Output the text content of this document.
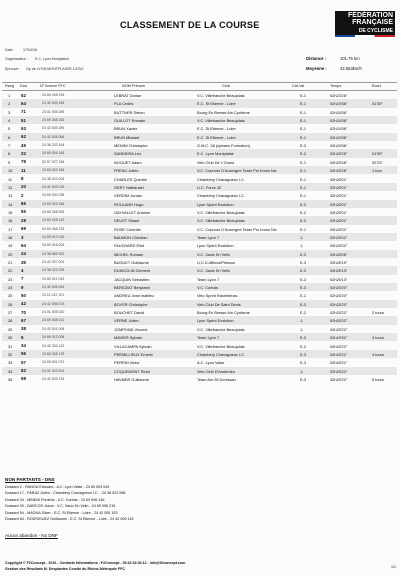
CLASSEMENT DE LA COURSE
FÉDÉRATION
FRANÇAISE
DE CYCLISME
Date : 17/04/16
Organisateur : E.C. Lyon Montplaisir
Epreuve : Gp de LYON MONTPLAISIR 1/2/3/J
Distance :	101.75 km
Moyenne :	42.563km/h
Rang Dos.	N° licence FFC	NOM Prénom	Club	Cat.Val	Temps	Ecart
1 52	24 69 248 159	LEBRAT Dorian	V.C. Villefranche Beaujolais	E-1	02h23'26"
2 64	24 42 005 183	PLA Cedric	E.C. St Etienne - Loire	E-1	02h24'56"	01'30"
3 71	23 01 005 289	BUTTNER Simon	Bourg En Bresse Ain Cyclisme	E-1	02h24'56"
4 51	24 69 248 152	GUILLOT Romain	V.C. Villefranche Beaujolais	E-1	02h24'56"
5 63	24 42 005 289	BRUN Xavier	E.C. St Etienne - Loire	E-1	02h24'56"
6 62	24 42 005 064	BRUN Mickael	E.C. St Etienne - Loire	E-1	02h24'56"
7 49	24 38 233 164	MENINI Christophe	G.M.C. 38 (sylvans Formation)	E-3	02h24'56"
8 22	24 69 004 145	SANDEIRA Leo	E.C. Lyon Montplaisir	E-2	02h25'25"	01'59"
9 78	32 57 027 154	NOGUET Adam	Velo Club De L'Ouest	E-1	02h25'48"	02'23"
10 11	24 63 003 184	FREAU Julien	V.C. Cournon D'Auvergne Team Pro Immo Nic	E-1	02h25'26"	1 tour
11 8	24 38 022 004	CHARLES Quentin	Chambery Chavagneux I.C.	E-1	02h25'01"
12 20	24 42 003 015	GERY Nathanael	U.C. Forez 42	E-1	02h25'01"
13 2	24 69 030 035	VERDIM Jordan	Chambery Chavagneux I.C.	E-1	02h25'01"
14 65	24 69 023 166	ROULAND Hugo	Lyon Sprint Evolution	E-2	02h25'01"
15 55	24 69 248 063	GAYVALLET Antoine	V.C. Villefranche Beaujolais	E-2	02h25'01"
16 28	24 69 248 142	DEUST Shane	V.C. Villefranche Beaujolais	E-2	02h25'01"
17 69	04 63 046 133	ROSE Corentin	V.C. Cournon D'Auvergne Team Pro Immo Nic	E-1	02h25'01"
18 3	24 69 012 015	BAUMON Christian	Team Lyon 7	J-	02h25'02"
19 64	24 69 016 003	FAUCHARD Eliot	Lyon Sprint Evolution	J-	02h25'02"
20 24	24 38 069 322	MICHEL Romain	V.C. Vaulx En Velin	E-3	02h25'05"
21 35	24 42 257 001	BUGUET Guillaume	U.C.D Affinos/Peisson	E-3	02h25'19"
22 4	24 38 022 025	DUNGOLIN Clement	V.C. Vaulx En Velin	E-3	02h25'13"
23 7	24 69 012 043	JACQUIN Sebastien	Team Lyon 7	E-3	02h25'13"
24 9	24 42 005 044	BEREZIAT Benjamin	V.C. Corbas	E-3	02h25'20"
25 50	13 11 022 101	ANDREU Jean mattieu	Velo Sprint Rashmiruss	E-1	02h25'20"
26 42	24 42 006 074	BOYER Christophe	Velo Club De Saint Denis	E-3	02h25'20"
27 70	24 01 005 020	BOUCHET David	Bourg En Bresse Ain Cyclisme	E-2	02h25'22"	2 tours
28 67	24 69 038 011	VERNE Julien	Lyon Sprint Evolution	J-	02h25'22"
29 38	24 42 001 006	JOMPOND Vincent	V.C. Villefranche Beaujolais	J-	02h25'22"
30 5	24 69 012 008	MAVIER Sylvain	Team Lyon 7	E-3	02h19'51"	3 tours
31 34	24 42 334 122	VILLACAMPA Sylvain	V.C. Villefranche Beaujolais	E-2	02h25'22"
32 56	24 69 248 175	PREMILLIEUX Emeric	Chambery Chavagneux I.C.	E-3	02h25'21"	4 tours
33 57	24 69 001 071	PERRIN Victor	A.C. Lyon Vaise	E-3	02h25'21"
34 82	24 01 022 001	COQUEMONT Remi	Velo Club D'Amberieu	J-	02h25'22"
35 58	24 42 005 133	HAVMER Guillaume	Team Ain 26 Donissan	E-3	02h25'22"	5 tours
NON PARTANTS - DNS
Dossard 2 - RANOU Edouard - A.C. Lyon Vaise - 24 69 003 049
Dossard 17 - PARAZ Julien - Chambery Chavagneux I.C. - 24 38 022 086
Dossard 34 - MENINI Frederic - V.C. Corbas - 24 69 006 146
Dossard 39 - DARCOS Josue - V.C. Vaulx En Velin - 24 69 096 215
Dossard 54 - MAGNA Silver - E.C. St Etienne - Loire - 24 42 005 193
Dossard 64 - RODRIGUEZ Guillaume - E.C. St Etienne - Loire - 24 42 005 115
Aucun abandon - No DNF
Copyright © F2Concept - 2016 - Contacts Informations : F2Concept - 06.62.32.06.12 - info@f2concept.com
Gestion des Résultats M. Desplantes Comité du Rhône-Métropole FFC	1/1
